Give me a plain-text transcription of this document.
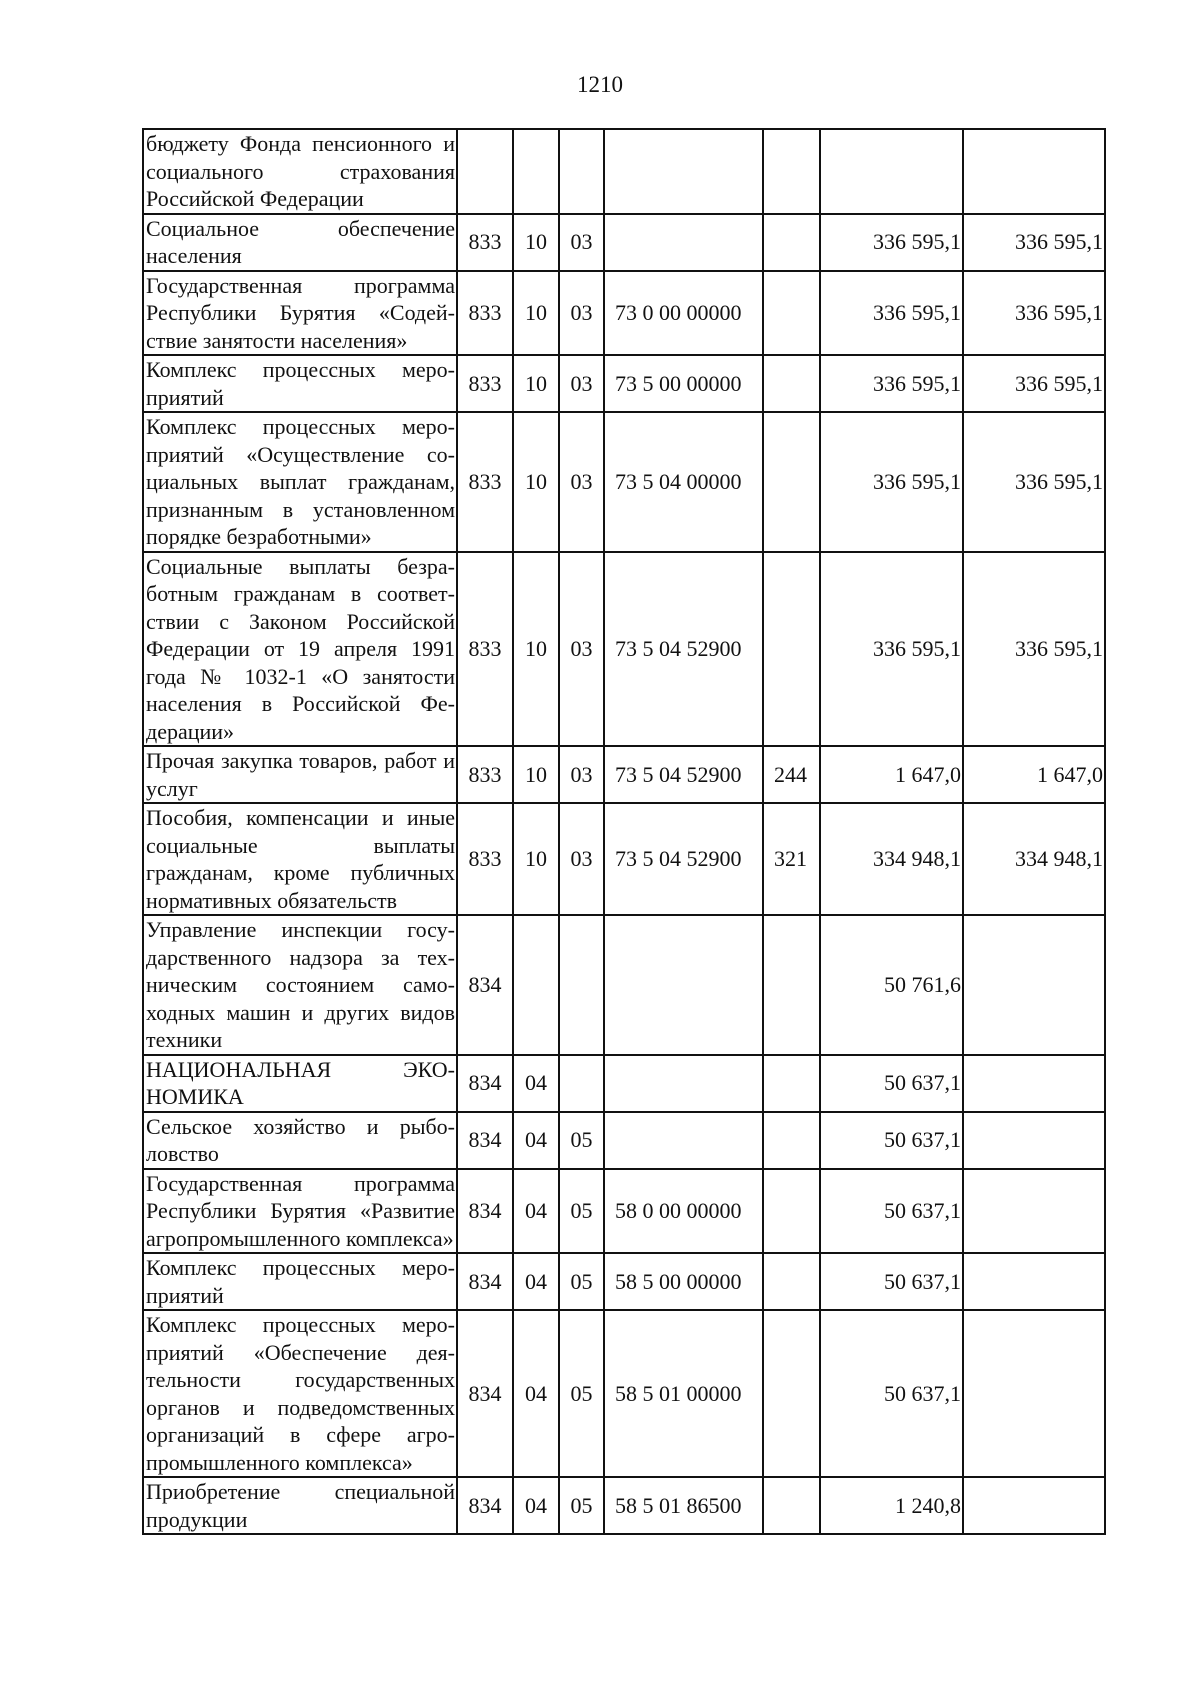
1210
бюджету Фонда пенсионного и социального страхования Российской Федерации							
Социальное обеспечение населения	833	10	03			336 595,1	336 595,1
Государственная программа Республики Бурятия «Содействие занятости населения»	833	10	03	73 0 00 00000		336 595,1	336 595,1
Комплекс процессных мероприятий	833	10	03	73 5 00 00000		336 595,1	336 595,1
Комплекс процессных мероприятий «Осуществление социальных выплат гражданам, признанным в установленном порядке безработными»	833	10	03	73 5 04 00000		336 595,1	336 595,1
Социальные выплаты безработным гражданам в соответствии с Законом Российской Федерации от 19 апреля 1991 года № 1032-1 «О занятости населения в Российской Федерации»	833	10	03	73 5 04 52900		336 595,1	336 595,1
Прочая закупка товаров, работ и услуг	833	10	03	73 5 04 52900	244	1 647,0	1 647,0
Пособия, компенсации и иные социальные выплаты гражданам, кроме публичных нормативных обязательств	833	10	03	73 5 04 52900	321	334 948,1	334 948,1
Управление инспекции государственного надзора за техническим состоянием самоходных машин и других видов техники	834					50 761,6	
НАЦИОНАЛЬНАЯ ЭКОНОМИКА	834	04				50 637,1	
Сельское хозяйство и рыболовство	834	04	05			50 637,1	
Государственная программа Республики Бурятия «Развитие агропромышленного комплекса»	834	04	05	58 0 00 00000		50 637,1	
Комплекс процессных мероприятий	834	04	05	58 5 00 00000		50 637,1	
Комплекс процессных мероприятий «Обеспечение деятельности государственных органов и подведомственных организаций в сфере агропромышленного комплекса»	834	04	05	58 5 01 00000		50 637,1	
Приобретение специальной продукции	834	04	05	58 5 01 86500		1 240,8	
